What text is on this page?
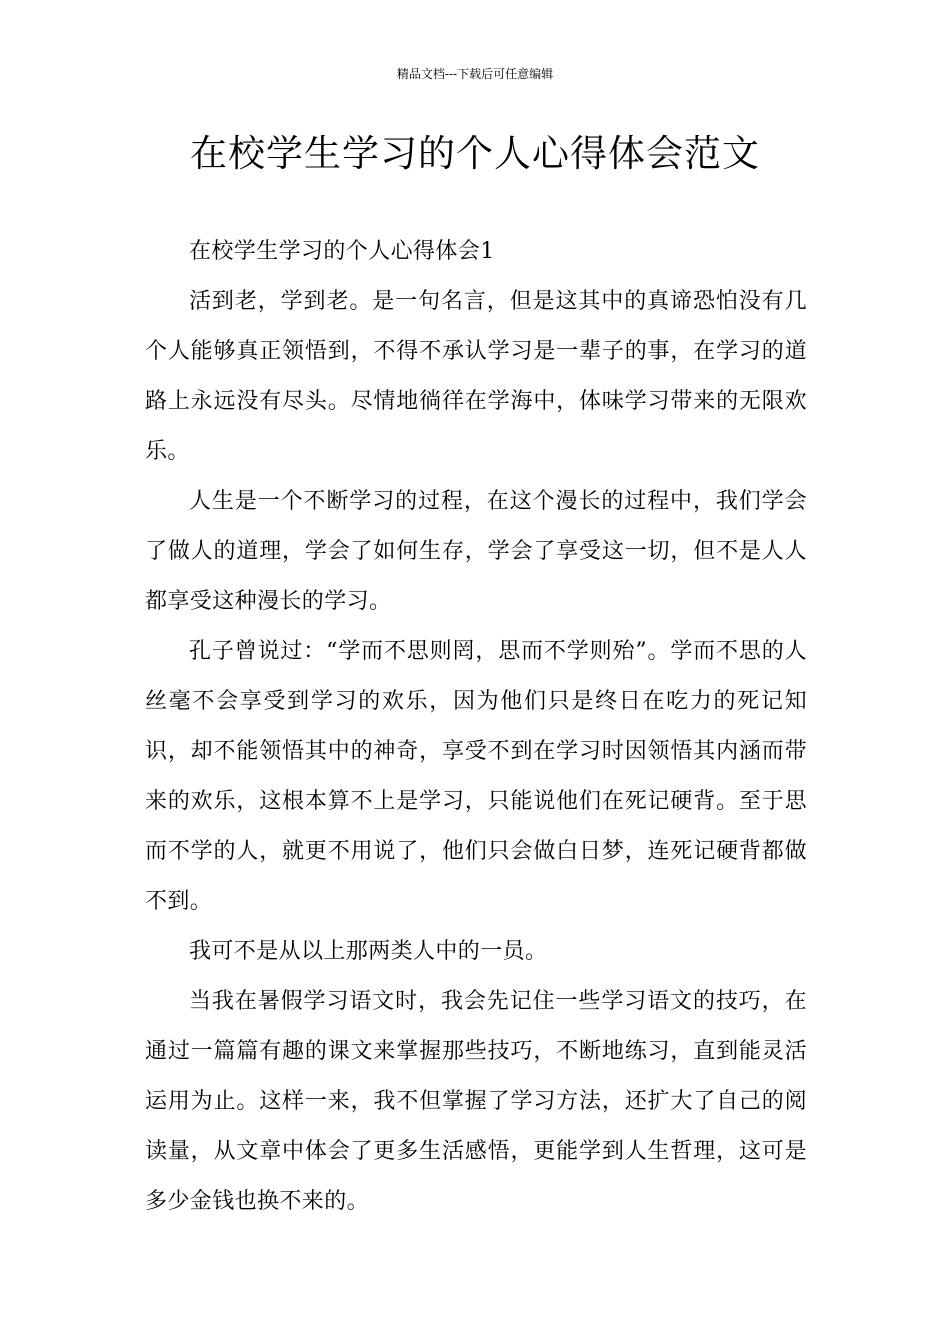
精品文档---下载后可任意编辑
在校学生学习的个人心得体会范文

在校学生学习的个人心得体会1

活到老，学到老。是一句名言，但是这其中的真谛恐怕没有几个人能够真正领悟到，不得不承认学习是一辈子的事，在学习的道路上永远没有尽头。尽情地徜徉在学海中，体味学习带来的无限欢乐。

人生是一个不断学习的过程，在这个漫长的过程中，我们学会了做人的道理，学会了如何生存，学会了享受这一切，但不是人人都享受这种漫长的学习。

孔子曾说过：“学而不思则罔，思而不学则殆”。学而不思的人丝毫不会享受到学习的欢乐，因为他们只是终日在吃力的死记知识，却不能领悟其中的神奇，享受不到在学习时因领悟其内涵而带来的欢乐，这根本算不上是学习，只能说他们在死记硬背。至于思而不学的人，就更不用说了，他们只会做白日梦，连死记硬背都做不到。

我可不是从以上那两类人中的一员。

当我在暑假学习语文时，我会先记住一些学习语文的技巧，在通过一篇篇有趣的课文来掌握那些技巧，不断地练习，直到能灵活运用为止。这样一来，我不但掌握了学习方法，还扩大了自己的阅读量，从文章中体会了更多生活感悟，更能学到人生哲理，这可是多少金钱也换不来的。
